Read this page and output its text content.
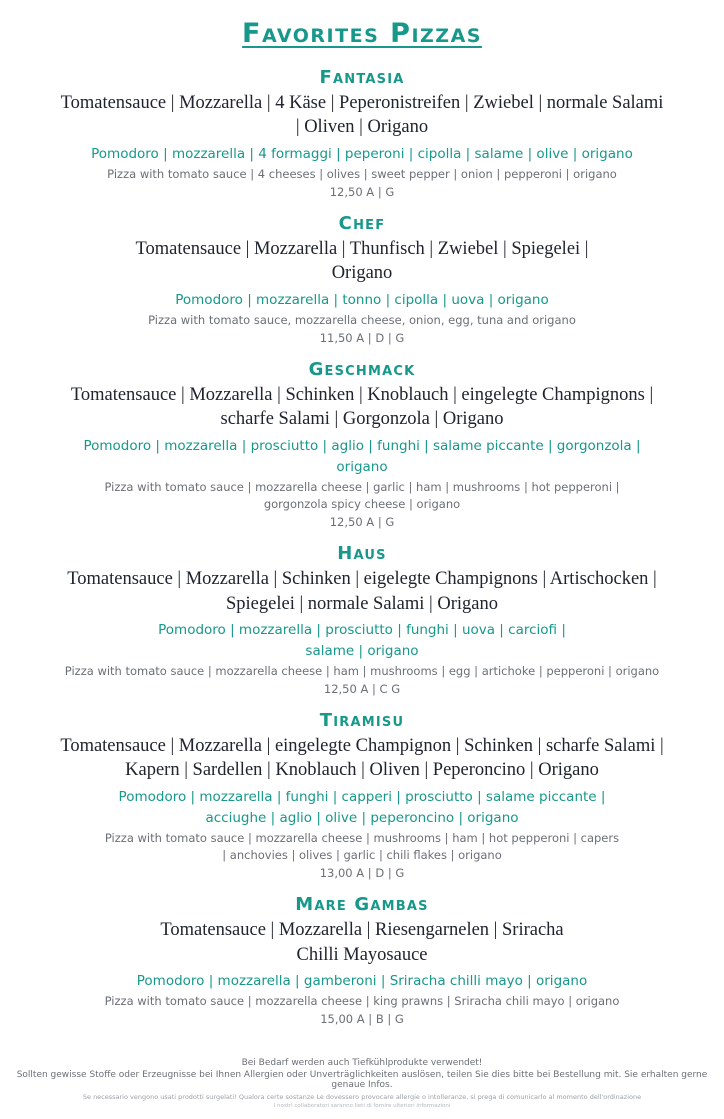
Favorites Pizzas
Fantasia

Tomatensauce | Mozzarella | 4 Käse | Peperonistreifen | Zwiebel | normale Salami | Oliven | Origano

Pomodoro | mozzarella | 4 formaggi | peperoni | cipolla | salame | olive | origano

Pizza with tomato sauce | 4 cheeses | olives | sweet pepper | onion | pepperoni | origano

12,50 A | G

Chef

Tomatensauce | Mozzarella | Thunfisch | Zwiebel | Spiegelei | Origano

Pomodoro | mozzarella | tonno | cipolla | uova | origano

Pizza with tomato sauce, mozzarella cheese, onion, egg, tuna and origano

11,50 A | D | G

Geschmack

Tomatensauce | Mozzarella | Schinken | Knoblauch | eingelegte Champignons | scharfe Salami | Gorgonzola | Origano

Pomodoro | mozzarella | prosciutto | aglio | funghi | salame piccante | gorgonzola | origano

Pizza with tomato sauce | mozzarella cheese | garlic | ham | mushrooms | hot pepperoni | gorgonzola spicy cheese | origano

12,50 A | G

Haus

Tomatensauce | Mozzarella | Schinken | eigelegte Champignons | Artischocken | Spiegelei | normale Salami | Origano

Pomodoro | mozzarella | prosciutto | funghi | uova | carciofi | salame | origano

Pizza with tomato sauce | mozzarella cheese | ham | mushrooms | egg | artichoke | pepperoni | origano

12,50 A | C G

Tiramisu

Tomatensauce | Mozzarella | eingelegte Champignon | Schinken | scharfe Salami | Kapern | Sardellen | Knoblauch | Oliven | Peperoncino | Origano

Pomodoro | mozzarella | funghi | capperi | prosciutto | salame piccante | acciughe | aglio | olive | peperoncino | origano

Pizza with tomato sauce | mozzarella cheese | mushrooms | ham | hot pepperoni | capers | anchovies | olives | garlic | chili flakes | origano

13,00 A | D | G

Mare Gambas

Tomatensauce | Mozzarella | Riesengarnelen | Sriracha Chilli Mayosauce

Pomodoro | mozzarella | gamberoni | Sriracha chilli mayo | origano

Pizza with tomato sauce | mozzarella cheese | king prawns | Sriracha chili mayo | origano

15,00 A | B | G

Bei Bedarf werden auch Tiefkühlprodukte verwendet!
Sollten gewisse Stoffe oder Erzeugnisse bei Ihnen Allergien oder Unverträglichkeiten auslösen, teilen Sie dies bitte bei Bestellung mit. Sie erhalten gerne genaue Infos.
Se necessario vengono usati prodotti surgelati! Qualora certe sostanze Le dovessero provocare allergie o intolleranze, si prega di comunicarlo al momento dell'ordinazione
I nostri collaboratori saranno lieti di fornire ulteriori informazioni
